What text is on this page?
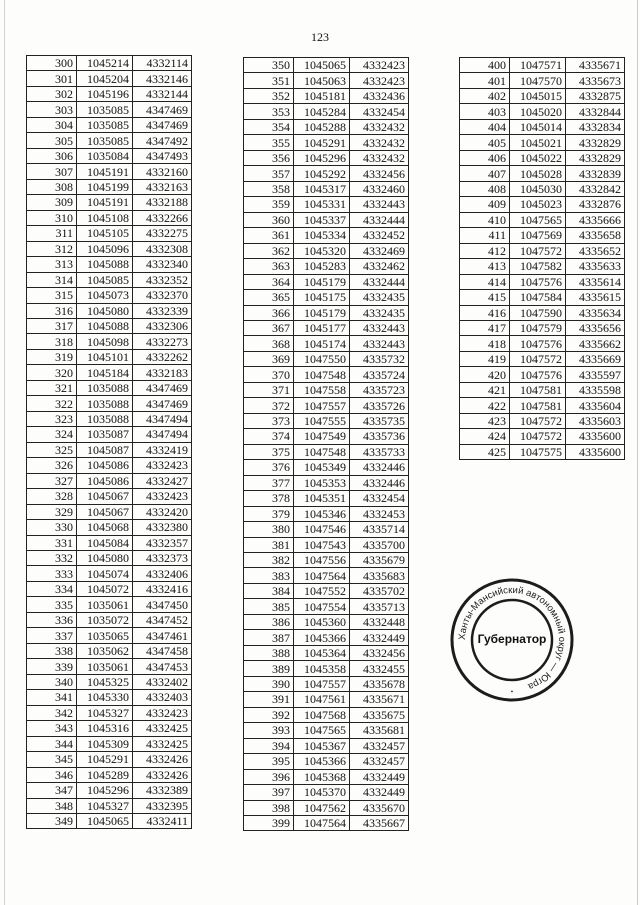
123
300	1045214	4332114
301	1045204	4332146
302	1045196	4332144
303	1035085	4347469
304	1035085	4347469
305	1035085	4347492
306	1035084	4347493
307	1045191	4332160
308	1045199	4332163
309	1045191	4332188
310	1045108	4332266
311	1045105	4332275
312	1045096	4332308
313	1045088	4332340
314	1045085	4332352
315	1045073	4332370
316	1045080	4332339
317	1045088	4332306
318	1045098	4332273
319	1045101	4332262
320	1045184	4332183
321	1035088	4347469
322	1035088	4347469
323	1035088	4347494
324	1035087	4347494
325	1045087	4332419
326	1045086	4332423
327	1045086	4332427
328	1045067	4332423
329	1045067	4332420
330	1045068	4332380
331	1045084	4332357
332	1045080	4332373
333	1045074	4332406
334	1045072	4332416
335	1035061	4347450
336	1035072	4347452
337	1035065	4347461
338	1035062	4347458
339	1035061	4347453
340	1045325	4332402
341	1045330	4332403
342	1045327	4332423
343	1045316	4332425
344	1045309	4332425
345	1045291	4332426
346	1045289	4332426
347	1045296	4332389
348	1045327	4332395
349	1045065	4332411
350	1045065	4332423
351	1045063	4332423
352	1045181	4332436
353	1045284	4332454
354	1045288	4332432
355	1045291	4332432
356	1045296	4332432
357	1045292	4332456
358	1045317	4332460
359	1045331	4332443
360	1045337	4332444
361	1045334	4332452
362	1045320	4332469
363	1045283	4332462
364	1045179	4332444
365	1045175	4332435
366	1045179	4332435
367	1045177	4332443
368	1045174	4332443
369	1047550	4335732
370	1047548	4335724
371	1047558	4335723
372	1047557	4335726
373	1047555	4335735
374	1047549	4335736
375	1047548	4335733
376	1045349	4332446
377	1045353	4332446
378	1045351	4332454
379	1045346	4332453
380	1047546	4335714
381	1047543	4335700
382	1047556	4335679
383	1047564	4335683
384	1047552	4335702
385	1047554	4335713
386	1045360	4332448
387	1045366	4332449
388	1045364	4332456
389	1045358	4332455
390	1047557	4335678
391	1047561	4335671
392	1047568	4335675
393	1047565	4335681
394	1045367	4332457
395	1045366	4332457
396	1045368	4332449
397	1045370	4332449
398	1047562	4335670
399	1047564	4335667
400	1047571	4335671
401	1047570	4335673
402	1045015	4332875
403	1045020	4332844
404	1045014	4332834
405	1045021	4332829
406	1045022	4332829
407	1045028	4332839
408	1045030	4332842
409	1045023	4332876
410	1047565	4335666
411	1047569	4335658
412	1047572	4335652
413	1047582	4335633
414	1047576	4335614
415	1047584	4335615
416	1047590	4335634
417	1047579	4335656
418	1047576	4335662
419	1047572	4335669
420	1047576	4335597
421	1047581	4335598
422	1047581	4335604
423	1047572	4335603
424	1047572	4335600
425	1047575	4335600
Ханты-Мансийский автономный округ — Югра
•
Губернатор
